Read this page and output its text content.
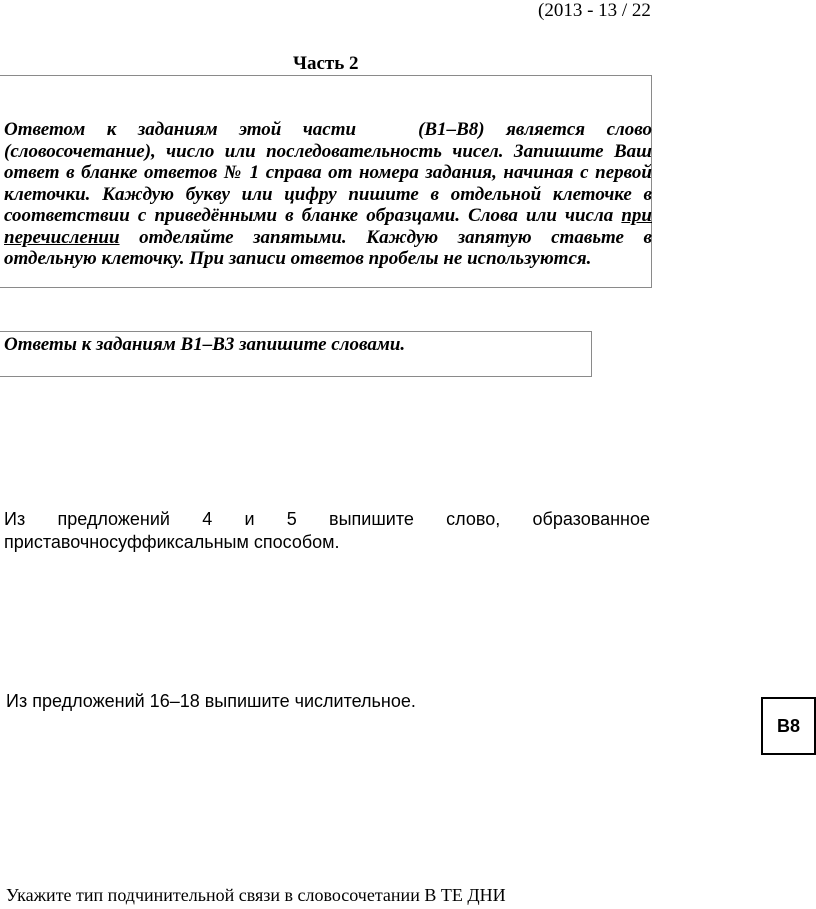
(2013 - 13 / 22
Часть 2
Ответом к заданиям этой части	(В1–В8) является слово (словосочетание), число или последовательность чисел. Запишите Ваш ответ в бланке ответов № 1 справа от номера задания, начиная с первой клеточки. Каждую букву или цифру пишите в отдельной клеточке в соответствии с приведёнными в бланке образцами. Слова или числа при перечислении отделяйте запятыми. Каждую запятую ставьте в отдельную клеточку. При записи ответов пробелы не используются.
Ответы к заданиям В1–В3 запишите словами.
Из предложений 4 и 5 выпишите слово, образованное
приставочносуффиксальным способом.
Из предложений 16–18 выпишите числительное.
В8
Укажите тип подчинительной связи в словосочетании В ТЕ ДНИ
